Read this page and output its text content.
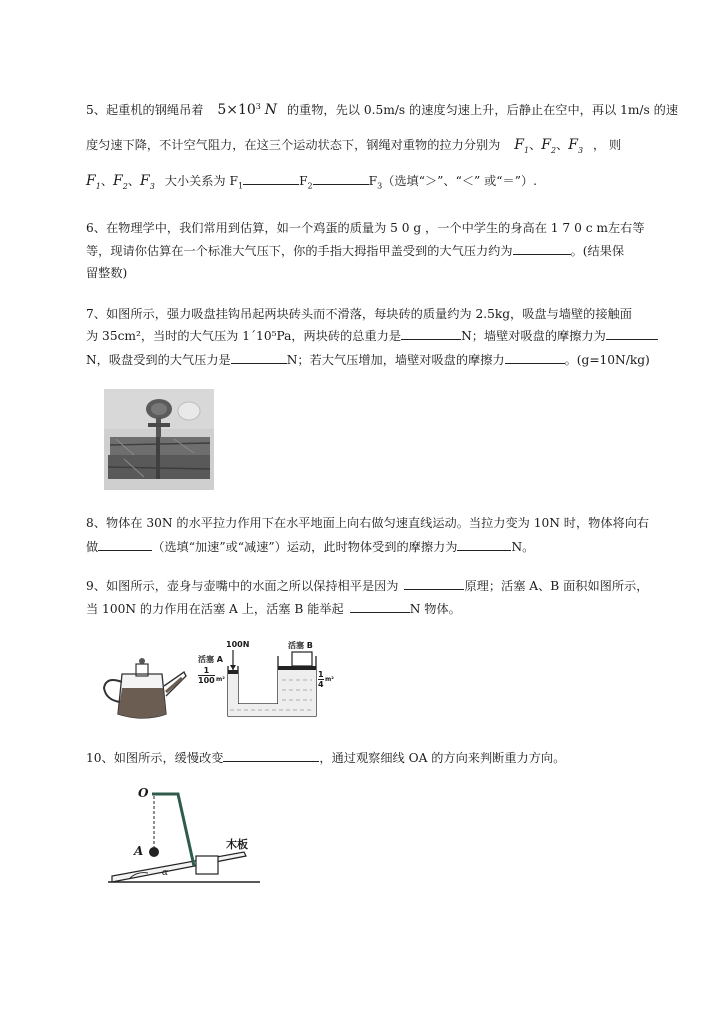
5、起重机的钢绳吊着 $5\times 10^3$ N 的重物，先以 0.5m/s 的速度匀速上升，后静止在空中，再以 1m/s 的速
度匀速下降，不计空气阻力，在这三个运动状态下，钢绳对重物的拉力分别为 $F_1$、$F_2$、$F_3$ ， 则
$F_1$、$F_2$、$F_3$ 大小关系为 $F_1$	$F_2$	$F_3$（选填“＞”、“＜” 或“＝”）.
6、在物理学中，我们常用到估算，如一个鸡蛋的质量为 5 0 g ，一个中学生的身高在 1 7 0 c m左右等
等，现请你估算在一个标准大气压下，你的手指大拇指甲盖受到的大气压力约为	。(结果保
留整数)
7、如图所示，强力吸盘挂钩吊起两块砖头而不滑落，每块砖的质量约为 2.5kg，吸盘与墙壁的接触面
为 35cm²，当时的大气压为 1ˊ10⁵Pa，两块砖的总重力是	N；墙壁对吸盘的摩擦力为
N，吸盘受到的大气压力是	N；若大气压增加，墙壁对吸盘的摩擦力	。(g=10N/kg)
8、物体在 30N 的水平拉力作用下在水平地面上向右做匀速直线运动。当拉力变为 10N 时，物体将向右
做	（选填“加速”或“减速”）运动，此时物体受到的摩擦力为	N。
9、如图所示，壶身与壶嘴中的水面之所以保持相平是因为	原理；活塞 A、B 面积如图所示，
当 100N 的力作用在活塞 A 上，活塞 B 能举起	N 物体。
100N
活塞 A
活塞 B
$\frac{1}{100} m^2$	$\frac{1}{4} m^2$
10、如图所示，缓慢改变	，通过观察细线 OA 的方向来判断重力方向。
O
A	木板
α
